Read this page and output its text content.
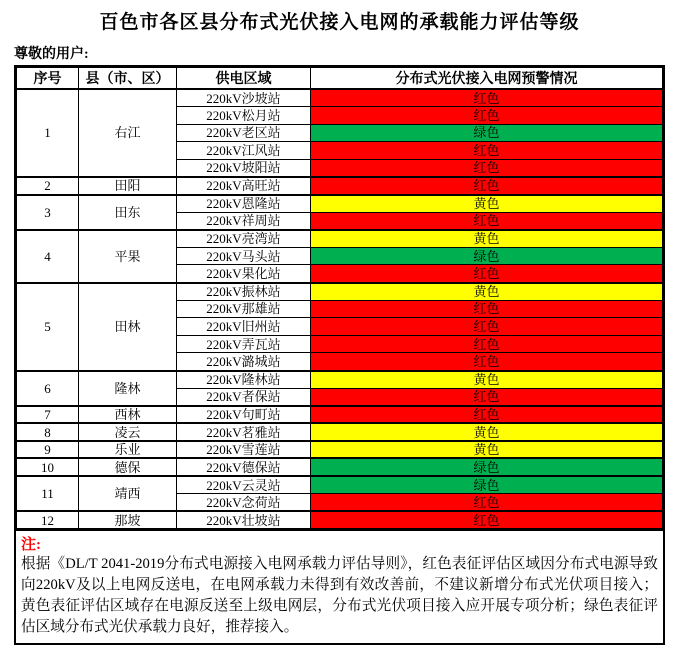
百色市各区县分布式光伏接入电网的承载能力评估等级
尊敬的用户:
序号	县（市、区）	供电区域	分布式光伏接入电网预警情况
1	右江	220kV沙坡站	红色
		220kV松月站	红色
		220kV老区站	绿色
		220kV江风站	红色
		220kV坡阳站	红色
2	田阳	220kV高旺站	红色
3	田东	220kV恩隆站	黄色
		220kV祥周站	红色
4	平果	220kV亮湾站	黄色
		220kV马头站	绿色
		220kV果化站	红色
5	田林	220kV振林站	黄色
		220kV那雄站	红色
		220kV旧州站	红色
		220kV弄瓦站	红色
		220kV潞城站	红色
6	隆林	220kV隆林站	黄色
		220kV者保站	红色
7	西林	220kV句町站	红色
8	凌云	220kV茗雅站	黄色
9	乐业	220kV雪莲站	黄色
10	德保	220kV德保站	绿色
11	靖西	220kV云灵站	绿色
		220kV念荷站	红色
12	那坡	220kV壮坡站	红色
注:
根据《DL/T 2041-2019分布式电源接入电网承载力评估导则》，红色表征评估区域因分布式电源导致向220kV及以上电网反送电，在电网承载力未得到有效改善前，不建议新增分布式光伏项目接入；黄色表征评估区域存在电源反送至上级电网层，分布式光伏项目接入应开展专项分析；绿色表征评估区域分布式光伏承载力良好，推荐接入。
